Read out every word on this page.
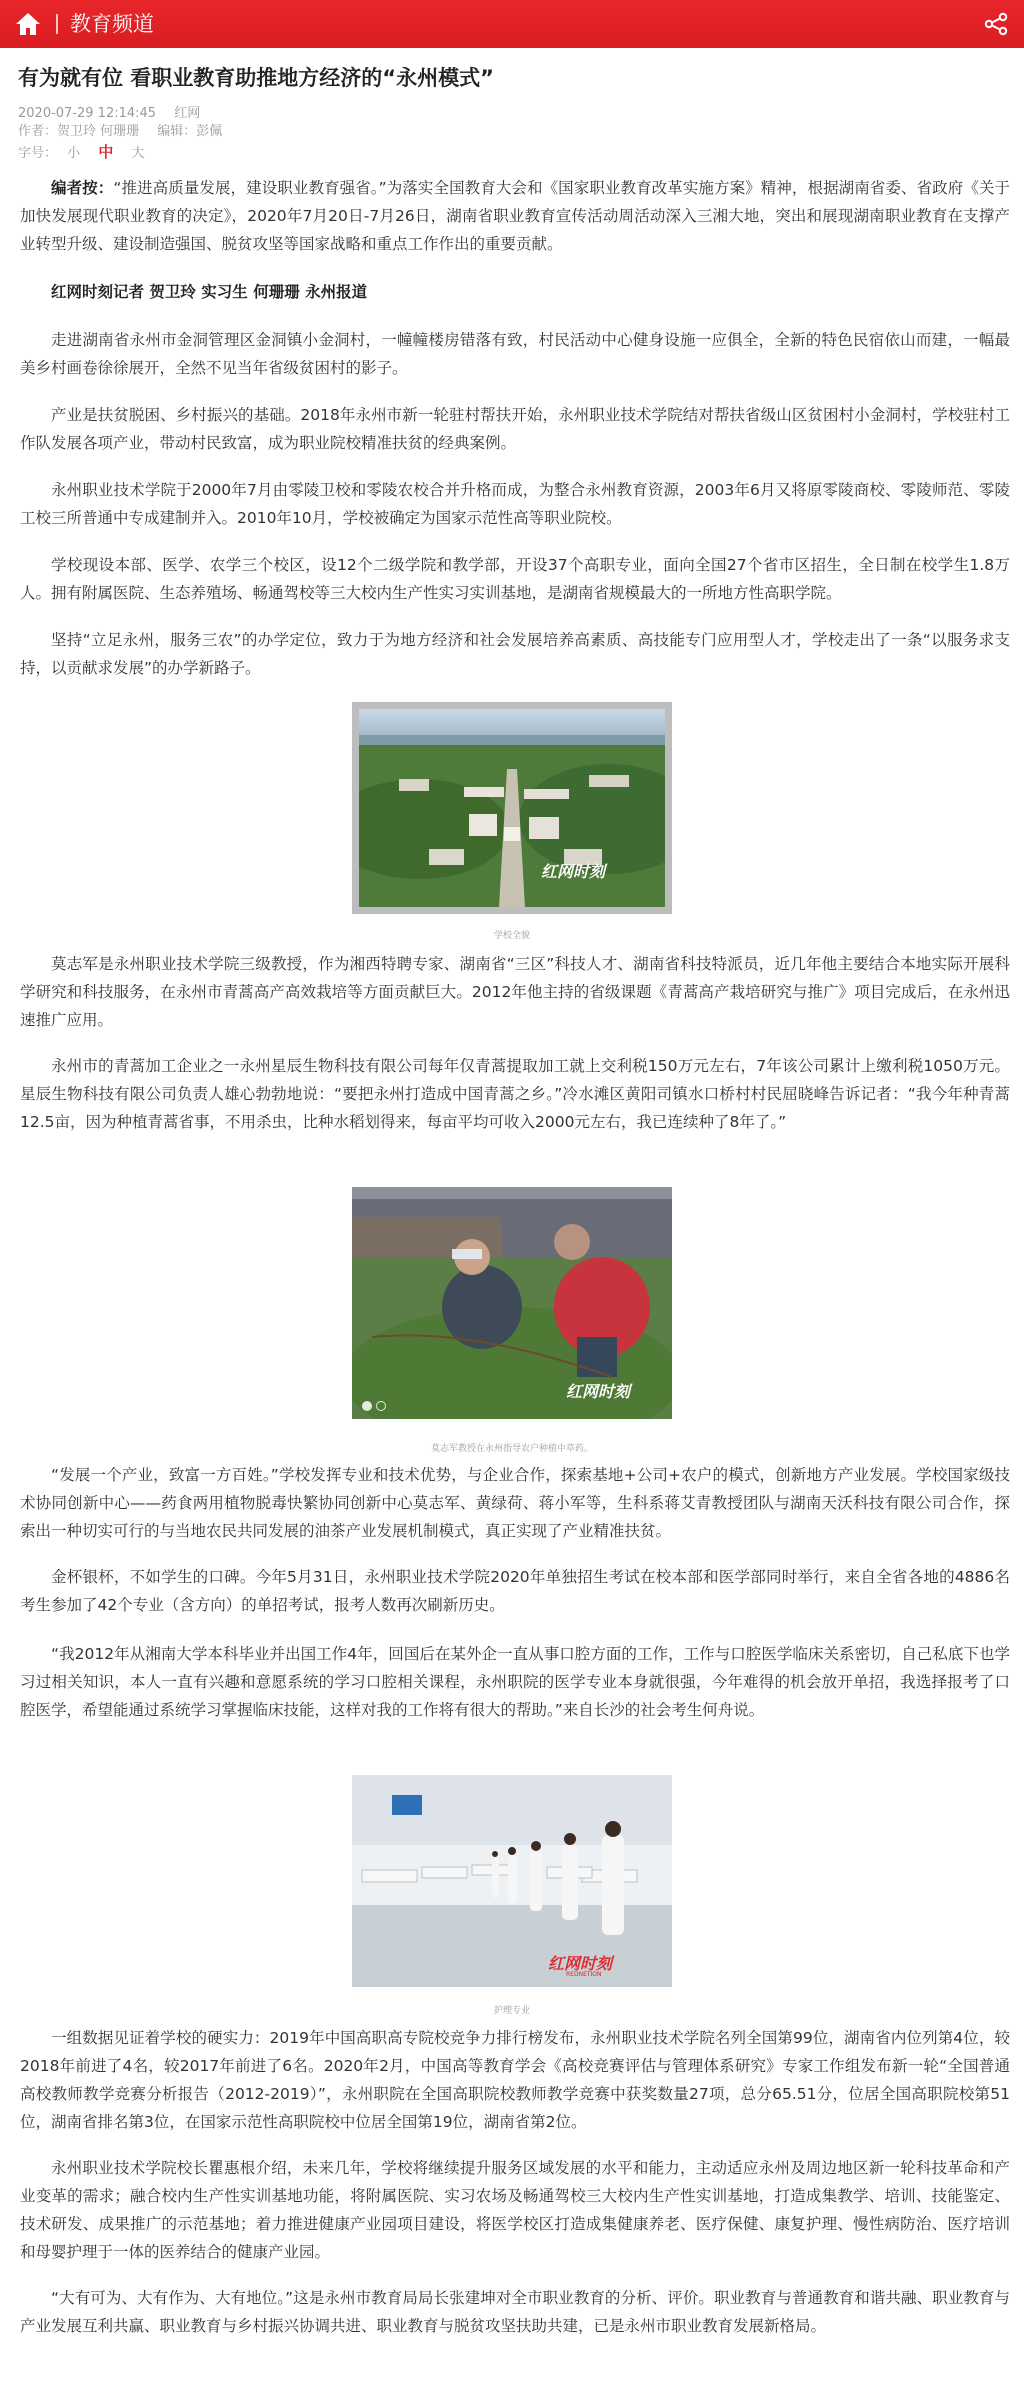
教育频道
有为就有位 看职业教育助推地方经济的“永州模式”
2020-07-29 12:14:45 红网
作者：贺卫玲 何珊珊 编辑：彭佩
字号： 小 中 大
编者按：“推进高质量发展，建设职业教育强省。”为落实全国教育大会和《国家职业教育改革实施方案》精神，根据湖南省委、省政府《关于加快发展现代职业教育的决定》，2020年7月20日-7月26日，湖南省职业教育宣传活动周活动深入三湘大地，突出和展现湖南职业教育在支撑产业转型升级、建设制造强国、脱贫攻坚等国家战略和重点工作作出的重要贡献。
红网时刻记者 贺卫玲 实习生 何珊珊 永州报道
走进湖南省永州市金洞管理区金洞镇小金洞村，一幢幢楼房错落有致，村民活动中心健身设施一应俱全，全新的特色民宿依山而建，一幅最美乡村画卷徐徐展开，全然不见当年省级贫困村的影子。
产业是扶贫脱困、乡村振兴的基础。2018年永州市新一轮驻村帮扶开始，永州职业技术学院结对帮扶省级山区贫困村小金洞村，学校驻村工作队发展各项产业，带动村民致富，成为职业院校精准扶贫的经典案例。
永州职业技术学院于2000年7月由零陵卫校和零陵农校合并升格而成，为整合永州教育资源，2003年6月又将原零陵商校、零陵师范、零陵工校三所普通中专成建制并入。2010年10月，学校被确定为国家示范性高等职业院校。
学校现设本部、医学、农学三个校区，设12个二级学院和教学部，开设37个高职专业，面向全国27个省市区招生，全日制在校学生1.8万人。拥有附属医院、生态养殖场、畅通驾校等三大校内生产性实习实训基地，是湖南省规模最大的一所地方性高职学院。
坚持“立足永州，服务三农”的办学定位，致力于为地方经济和社会发展培养高素质、高技能专门应用型人才，学校走出了一条“以服务求支持，以贡献求发展”的办学新路子。
红网时刻
学校全貌
莫志军是永州职业技术学院三级教授，作为湘西特聘专家、湖南省“三区”科技人才、湖南省科技特派员，近几年他主要结合本地实际开展科学研究和科技服务，在永州市青蒿高产高效栽培等方面贡献巨大。2012年他主持的省级课题《青蒿高产栽培研究与推广》项目完成后，在永州迅速推广应用。
永州市的青蒿加工企业之一永州星辰生物科技有限公司每年仅青蒿提取加工就上交利税150万元左右，7年该公司累计上缴利税1050万元。星辰生物科技有限公司负责人雄心勃勃地说：“要把永州打造成中国青蒿之乡。”冷水滩区黄阳司镇水口桥村村民屈晓峰告诉记者：“我今年种青蒿12.5亩，因为种植青蒿省事，不用杀虫，比种水稻划得来，每亩平均可收入2000元左右，我已连续种了8年了。”
红网时刻
莫志军教授在永州指导农户种植中草药。
“发展一个产业，致富一方百姓。”学校发挥专业和技术优势，与企业合作，探索基地+公司+农户的模式，创新地方产业发展。学校国家级技术协同创新中心——药食两用植物脱毒快繁协同创新中心莫志军、黄绿荷、蒋小军等，生科系蒋艾青教授团队与湖南天沃科技有限公司合作，探索出一种切实可行的与当地农民共同发展的油茶产业发展机制模式，真正实现了产业精准扶贫。
金杯银杯，不如学生的口碑。今年5月31日，永州职业技术学院2020年单独招生考试在校本部和医学部同时举行，来自全省各地的4886名考生参加了42个专业（含方向）的单招考试，报考人数再次刷新历史。
“我2012年从湘南大学本科毕业并出国工作4年，回国后在某外企一直从事口腔方面的工作，工作与口腔医学临床关系密切，自己私底下也学习过相关知识，本人一直有兴趣和意愿系统的学习口腔相关课程，永州职院的医学专业本身就很强，今年难得的机会放开单招，我选择报考了口腔医学，希望能通过系统学习掌握临床技能，这样对我的工作将有很大的帮助。”来自长沙的社会考生何舟说。
红网时刻
REDNETION
护理专业
一组数据见证着学校的硬实力：2019年中国高职高专院校竞争力排行榜发布，永州职业技术学院名列全国第99位，湖南省内位列第4位，较2018年前进了4名，较2017年前进了6名。2020年2月，中国高等教育学会《高校竞赛评估与管理体系研究》专家工作组发布新一轮“全国普通高校教师教学竞赛分析报告（2012-2019）”，永州职院在全国高职院校教师教学竞赛中获奖数量27项，总分65.51分，位居全国高职院校第51位，湖南省排名第3位，在国家示范性高职院校中位居全国第19位，湖南省第2位。
永州职业技术学院校长瞿惠根介绍，未来几年，学校将继续提升服务区域发展的水平和能力，主动适应永州及周边地区新一轮科技革命和产业变革的需求；融合校内生产性实训基地功能，将附属医院、实习农场及畅通驾校三大校内生产性实训基地，打造成集教学、培训、技能鉴定、技术研发、成果推广的示范基地；着力推进健康产业园项目建设，将医学校区打造成集健康养老、医疗保健、康复护理、慢性病防治、医疗培训和母婴护理于一体的医养结合的健康产业园。
“大有可为、大有作为、大有地位。”这是永州市教育局局长张建坤对全市职业教育的分析、评价。职业教育与普通教育和谐共融、职业教育与产业发展互利共赢、职业教育与乡村振兴协调共进、职业教育与脱贫攻坚扶助共建，已是永州市职业教育发展新格局。
